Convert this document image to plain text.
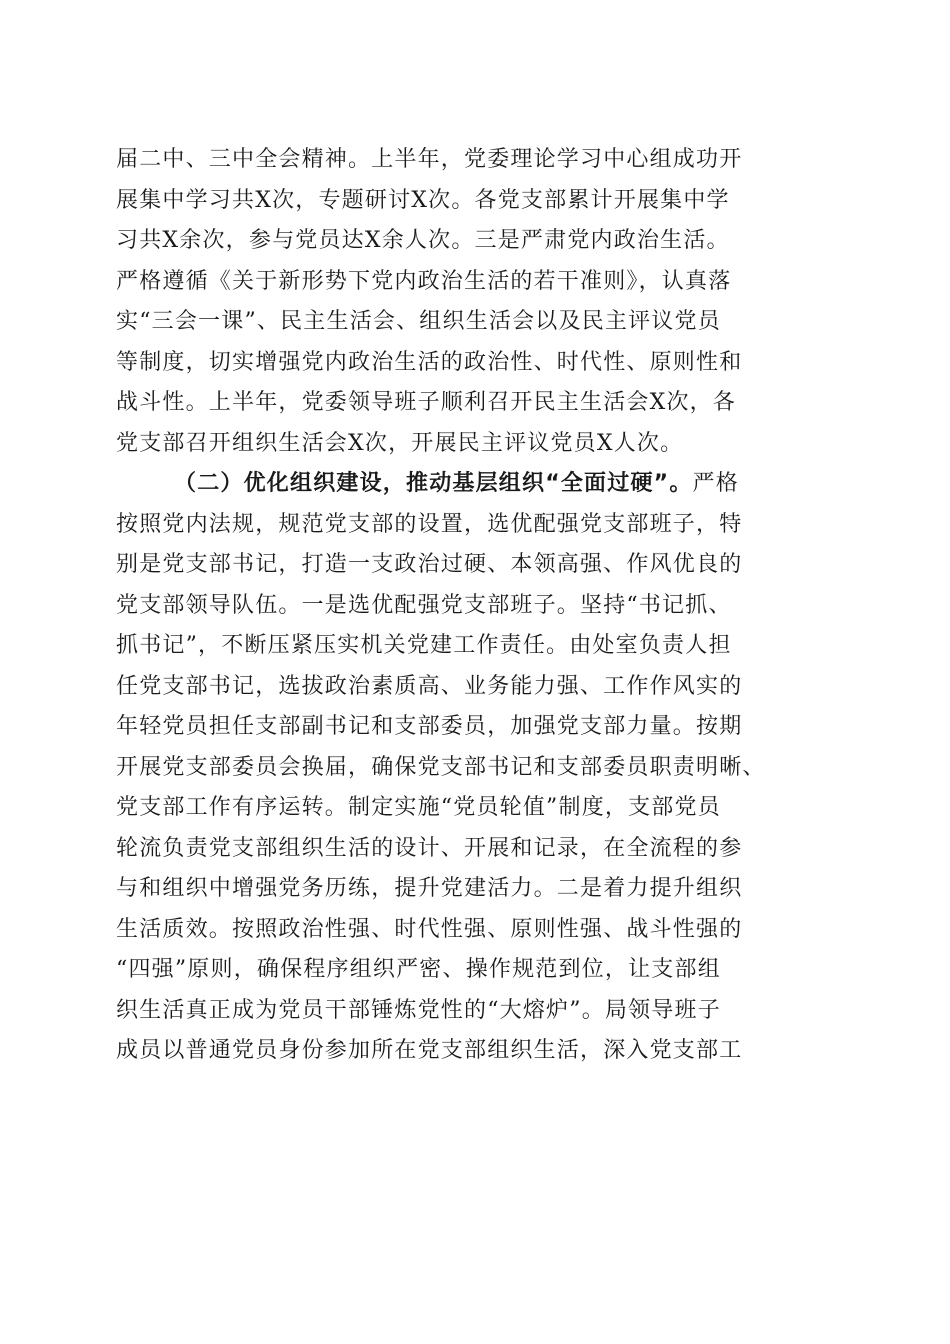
届二中、三中全会精神。上半年，党委理论学习中心组成功开
展集中学习共X次，专题研讨X次。各党支部累计开展集中学
习共X余次，参与党员达X余人次。三是严肃党内政治生活。
严格遵循《关于新形势下党内政治生活的若干准则》，认真落
实“三会一课”、民主生活会、组织生活会以及民主评议党员
等制度，切实增强党内政治生活的政治性、时代性、原则性和
战斗性。上半年，党委领导班子顺利召开民主生活会X次，各
党支部召开组织生活会X次，开展民主评议党员X人次。
（二）优化组织建设，推动基层组织“全面过硬”。严格
按照党内法规，规范党支部的设置，选优配强党支部班子，特
别是党支部书记，打造一支政治过硬、本领高强、作风优良的
党支部领导队伍。一是选优配强党支部班子。坚持“书记抓、
抓书记”，不断压紧压实机关党建工作责任。由处室负责人担
任党支部书记，选拔政治素质高、业务能力强、工作作风实的
年轻党员担任支部副书记和支部委员，加强党支部力量。按期
开展党支部委员会换届，确保党支部书记和支部委员职责明晰、
党支部工作有序运转。制定实施“党员轮值”制度，支部党员
轮流负责党支部组织生活的设计、开展和记录，在全流程的参
与和组织中增强党务历练，提升党建活力。二是着力提升组织
生活质效。按照政治性强、时代性强、原则性强、战斗性强的
“四强”原则，确保程序组织严密、操作规范到位，让支部组
织生活真正成为党员干部锤炼党性的“大熔炉”。局领导班子
成员以普通党员身份参加所在党支部组织生活，深入党支部工
